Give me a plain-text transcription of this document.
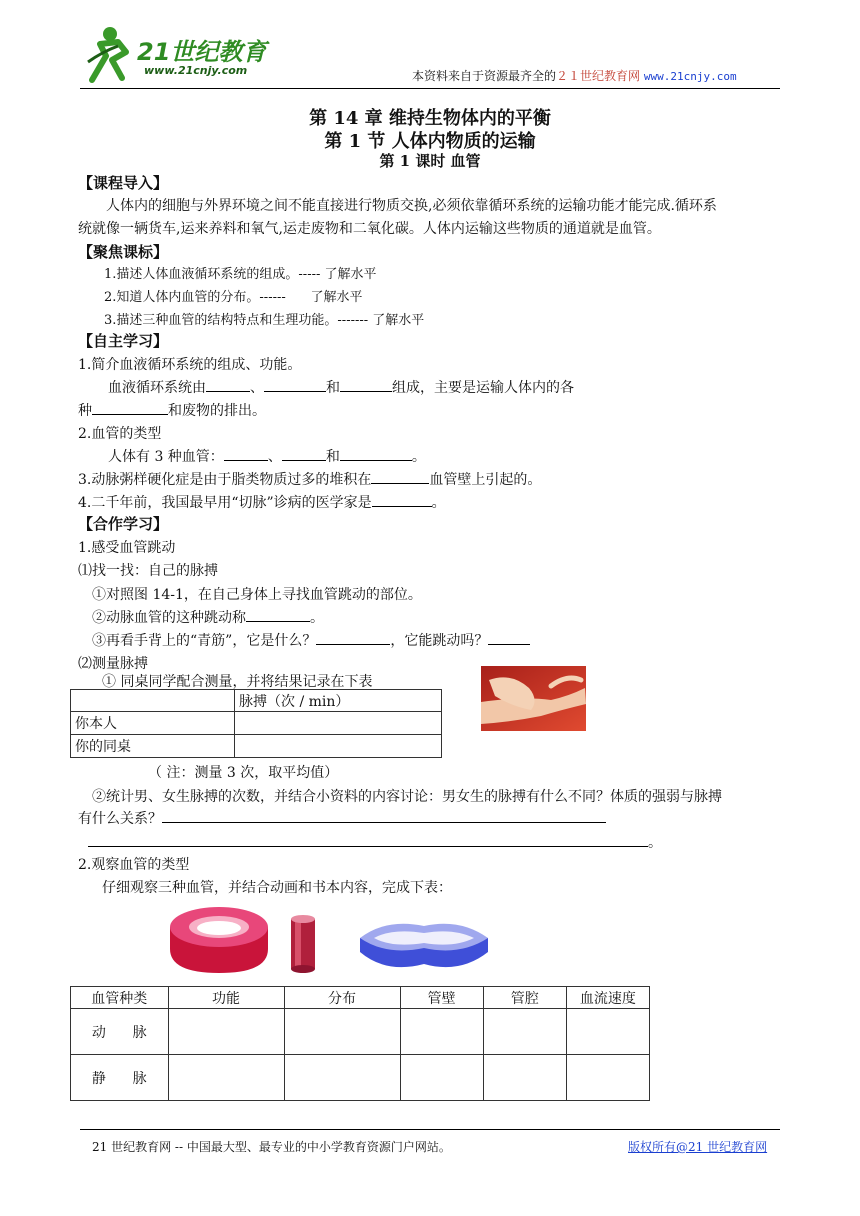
21世纪教育
www.21cnjy.com	本资料来自于资源最齐全的２１世纪教育网 www.21cnjy.com
第 14 章 维持生物体内的平衡
第 1 节 人体内物质的运输
第 1 课时 血管
【课程导入】
人体内的细胞与外界环境之间不能直接进行物质交换,必须依靠循环系统的运输功能才能完成.循环系
统就像一辆货车,运来养料和氧气,运走废物和二氧化碳。人体内运输这些物质的通道就是血管。
【聚焦课标】
1.描述人体血液循环系统的组成。----- 了解水平
2.知道人体内血管的分布。------      了解水平
3.描述三种血管的结构特点和生理功能。------- 了解水平
【自主学习】
1.简介血液循环系统的组成、功能。
血液循环系统由	、	和	组成，主要是运输人体内的各
种	和废物的排出。
2.血管的类型
人体有 3 种血管：	、	和	。
3.动脉粥样硬化症是由于脂类物质过多的堆积在	血管壁上引起的。
4.二千年前，我国最早用“切脉”诊病的医学家是	。
【合作学习】
1.感受血管跳动
⑴找一找：自己的脉搏
①对照图 14-1，在自己身体上寻找血管跳动的部位。
②动脉血管的这种跳动称	。
③再看手背上的“青筋”，它是什么？	，它能跳动吗？
⑵测量脉搏
① 同桌同学配合测量，并将结果记录在下表
	脉搏（次 / min）
你本人	
你的同桌	
（ 注：测量 3 次，取平均值）
②统计男、女生脉搏的次数，并结合小资料的内容讨论：男女生的脉搏有什么不同？体质的强弱与脉搏
有什么关系？
。
2.观察血管的类型
仔细观察三种血管，并结合动画和书本内容，完成下表：
血管种类	功能	分布	管壁	管腔	血流速度
动      脉					
静      脉					
21 世纪教育网 -- 中国最大型、最专业的中小学教育资源门户网站。	版权所有@21 世纪教育网
